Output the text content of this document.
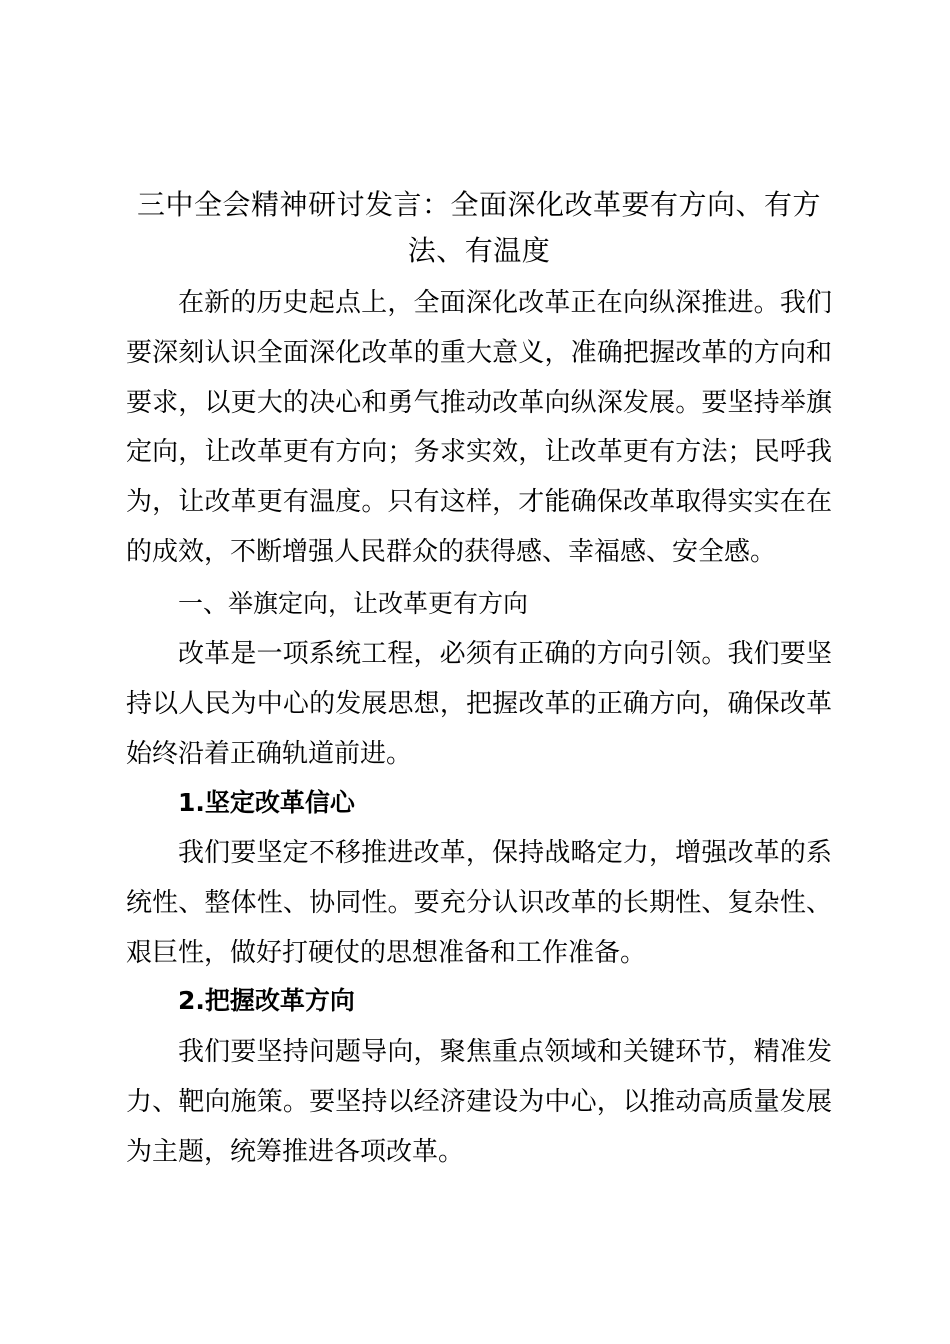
三中全会精神研讨发言：全面深化改革要有方向、有方法、有温度

在新的历史起点上，全面深化改革正在向纵深推进。我们要深刻认识全面深化改革的重大意义，准确把握改革的方向和要求，以更大的决心和勇气推动改革向纵深发展。要坚持举旗定向，让改革更有方向；务求实效，让改革更有方法；民呼我为，让改革更有温度。只有这样，才能确保改革取得实实在在的成效，不断增强人民群众的获得感、幸福感、安全感。

一、举旗定向，让改革更有方向

改革是一项系统工程，必须有正确的方向引领。我们要坚持以人民为中心的发展思想，把握改革的正确方向，确保改革始终沿着正确轨道前进。

1.坚定改革信心

我们要坚定不移推进改革，保持战略定力，增强改革的系统性、整体性、协同性。要充分认识改革的长期性、复杂性、艰巨性，做好打硬仗的思想准备和工作准备。

2.把握改革方向

我们要坚持问题导向，聚焦重点领域和关键环节，精准发力、靶向施策。要坚持以经济建设为中心，以推动高质量发展为主题，统筹推进各项改革。
